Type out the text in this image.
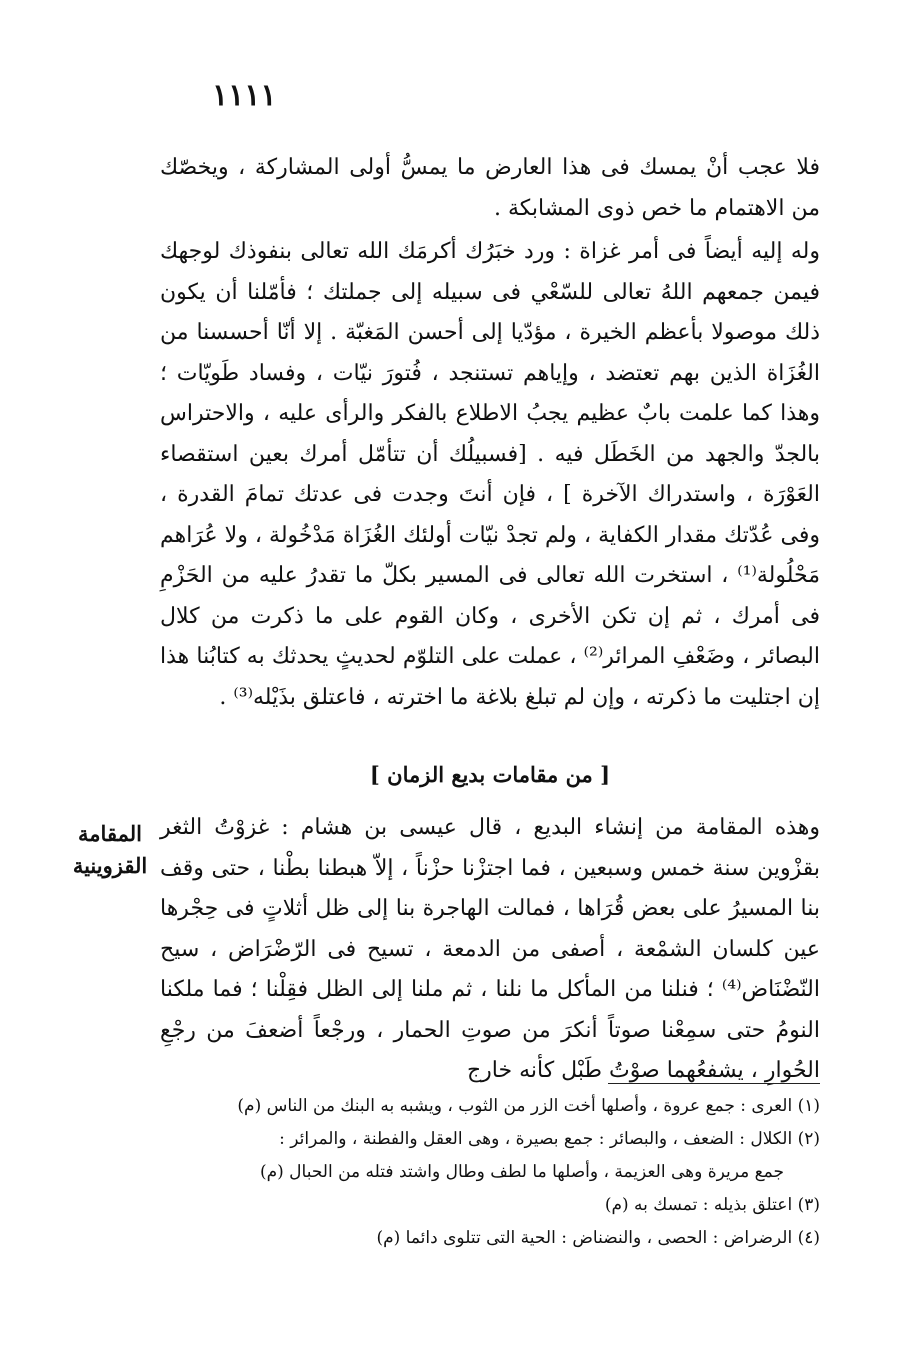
١١١١

فلا عجب أنْ يمسك فى هذا العارض ما يمسُّ أولى المشاركة ، ويخصّك من الاهتمام ما خص ذوى المشابكة .

وله إليه أيضاً فى أمر غزاة : ورد خبَرُك أكرمَك الله تعالى بنفوذك لوجهك فيمن جمعهم اللهُ تعالى للسّعْي فى سبيله إلى جملتك ؛ فأمّلنا أن يكون ذلك موصولا بأعظم الخيرة ، مؤدّيا إلى أحسن المَغبّة . إلا أنّا أحسسنا من الغُزَاة الذين بهم تعتضد ، وإياهم تستنجد ، فُتورَ نيّات ، وفساد طَويّات ؛ وهذا كما علمت بابٌ عظيم يجبُ الاطلاع بالفكر والرأى عليه ، والاحتراس بالجدّ والجهد من الخَطَل فيه . [فسبيلُك أن تتأمّل أمرك بعين استقصاء العَوْرَة ، واستدراك الآخرة ] ، فإن أنتَ وجدت فى عدتك تمامَ القدرة ، وفى عُدّتك مقدار الكفاية ، ولم تجدْ نيّات أولئك الغُزَاة مَدْخُولة ، ولا عُرَاهم مَحْلُولة⁽¹⁾ ، استخرت الله تعالى فى المسير بكلّ ما تقدرُ عليه من الحَزْمِ فى أمرك ، ثم إن تكن الأخرى ، وكان القوم على ما ذكرت من كلال البصائر ، وضَعْفِ المرائر⁽²⁾ ، عملت على التلوّم لحديثٍ يحدثك به كتابُنا هذا إن اجتليت ما ذكرته ، وإن لم تبلغ بلاغة ما اخترته ، فاعتلق بذَيْله⁽³⁾ .

[ من مقامات بديع الزمان ]
المقامة القزوينية

وهذه المقامة من إنشاء البديع ، قال عيسى بن هشام : غزوْتُ الثغر بقزْوين سنة خمس وسبعين ، فما اجتزْنا حزْناً ، إلاّ هبطنا بطْنا ، حتى وقف بنا المسيرُ على بعض قُرَاها ، فمالت الهاجرة بنا إلى ظل أثلاتٍ فى حِجْرها عين كلسان الشمْعة ، أصفى من الدمعة ، تسيح فى الرّضْرَاض ، سيح النّضْنَاض⁽⁴⁾ ؛ فنلنا من المأكل ما نلنا ، ثم ملنا إلى الظل فقِلْنا ؛ فما ملكنا النومُ حتى سمِعْنا صوتاً أنكرَ من صوتِ الحمار ، ورجْعاً أضعفَ من رجْعِ الحُوارِ ، يشفعُهما صوْتُ طَبْل كأنه خارج

(١) العرى : جمع عروة ، وأصلها أخت الزر من الثوب ، ويشبه به البنك من الناس (م)

(٢) الكلال : الضعف ، والبصائر : جمع بصيرة ، وهى العقل والفطنة ، والمرائر :

جمع مريرة وهى العزيمة ، وأصلها ما لطف وطال واشتد فتله من الحبال (م)

(٣) اعتلق بذيله : تمسك به (م)

(٤) الرضراض : الحصى ، والنضناض : الحية التى تتلوى دائما (م)
